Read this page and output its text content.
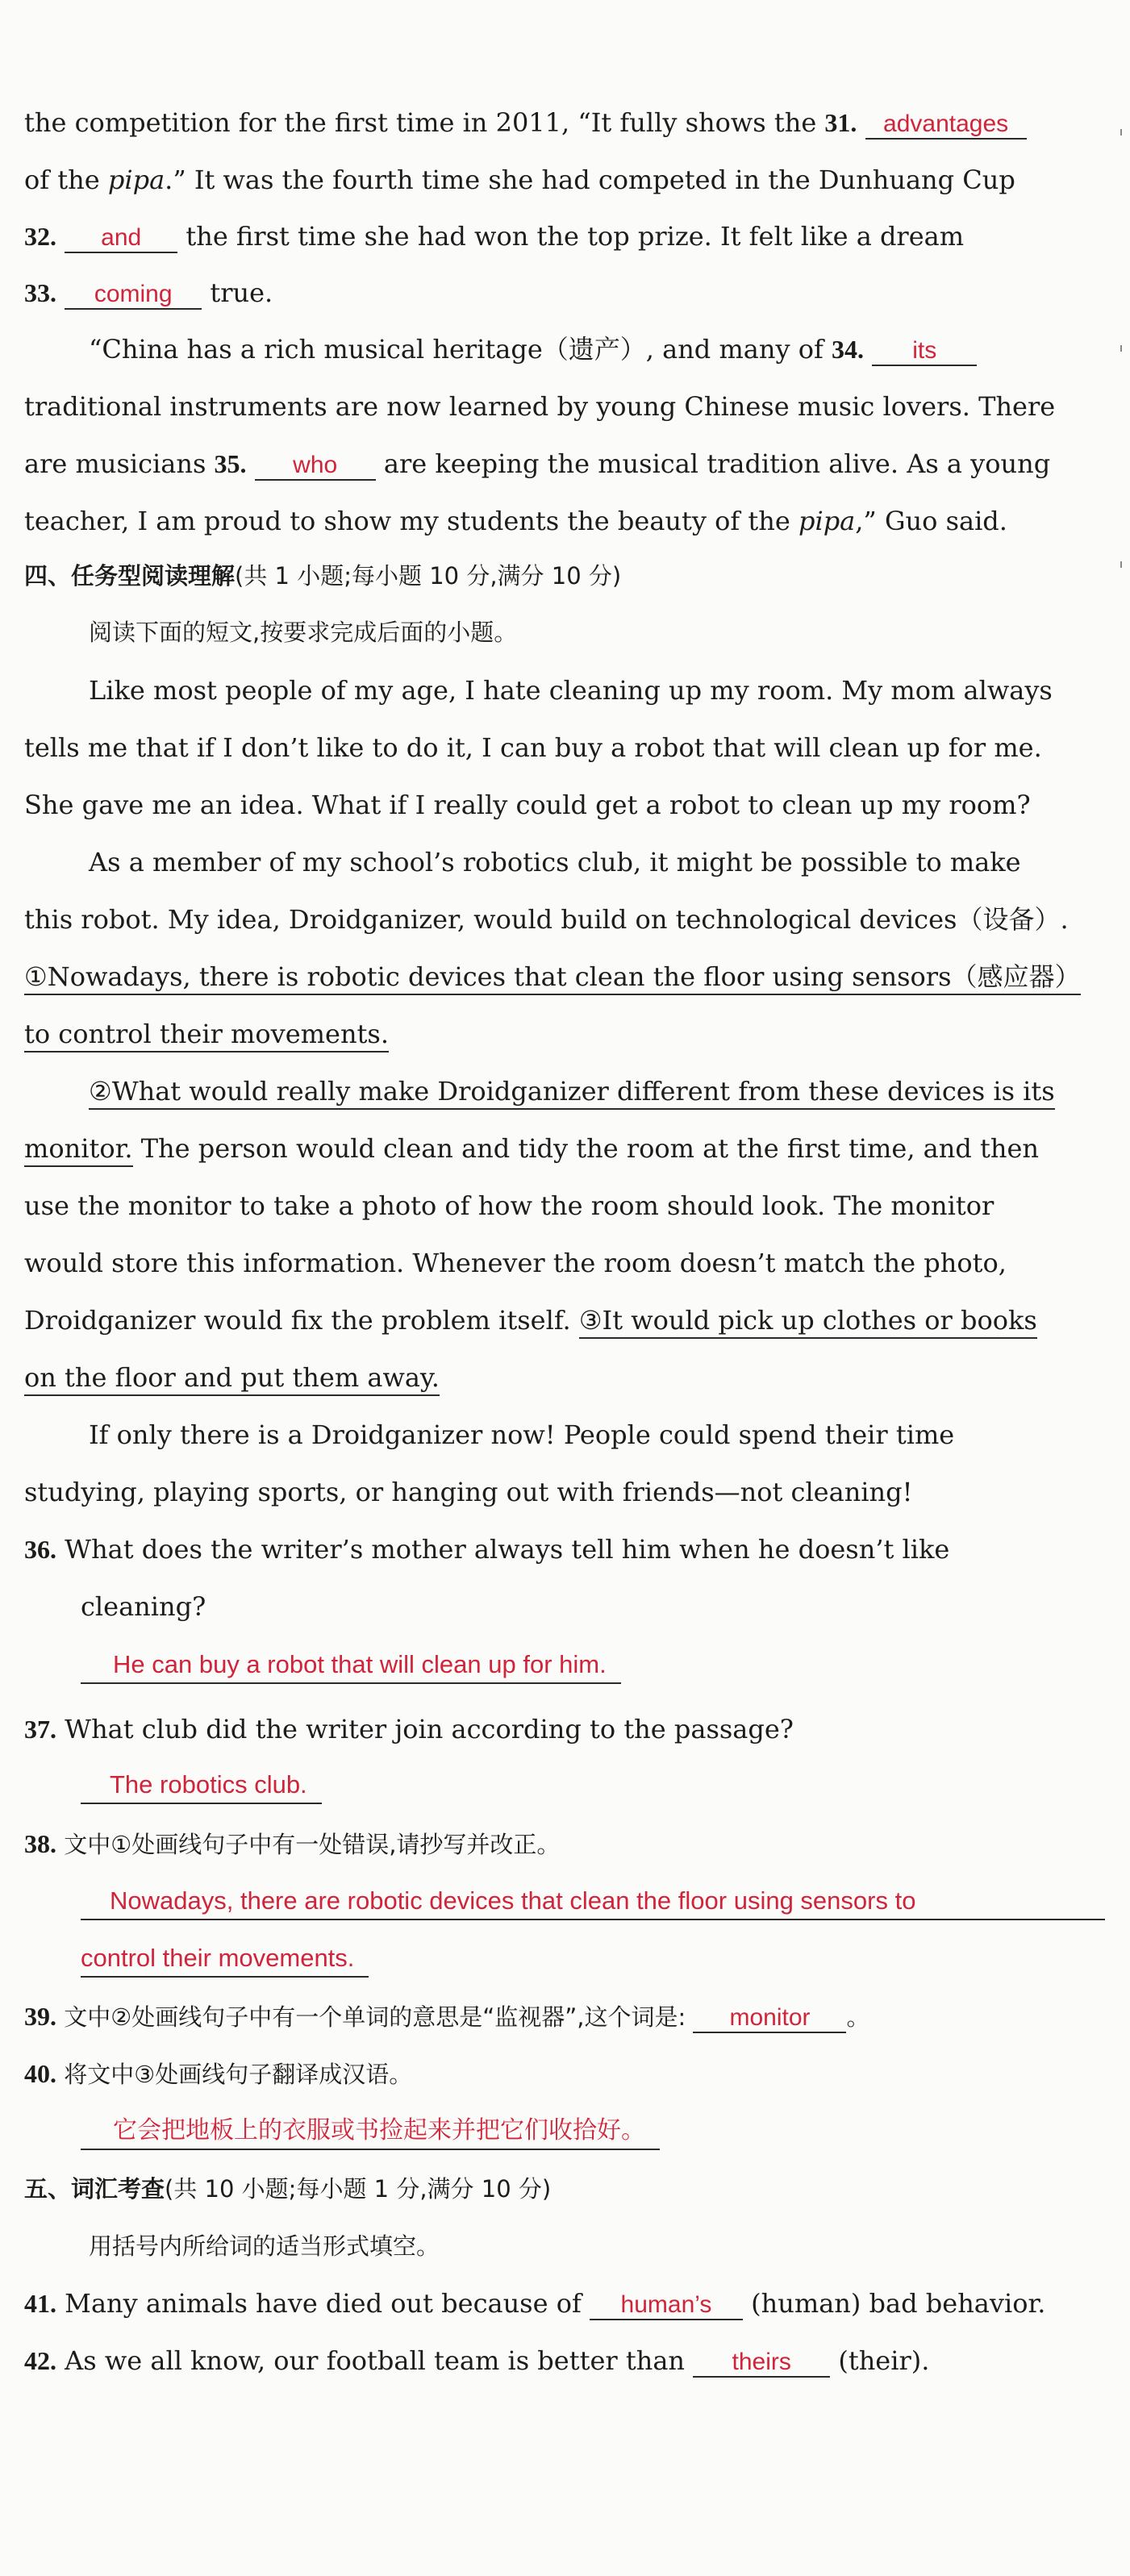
the competition for the first time in 2011, “It fully shows the 31. advantages
of the pipa.” It was the fourth time she had competed in the Dunhuang Cup
32. and the first time she had won the top prize. It felt like a dream
33. coming true.
“China has a rich musical heritage（遗产）, and many of 34. its
traditional instruments are now learned by young Chinese music lovers. There
are musicians 35. who are keeping the musical tradition alive. As a young
teacher, I am proud to show my students the beauty of the pipa,” Guo said.
四、任务型阅读理解(共 1 小题;每小题 10 分,满分 10 分)
阅读下面的短文,按要求完成后面的小题。
Like most people of my age, I hate cleaning up my room. My mom always
tells me that if I don’t like to do it, I can buy a robot that will clean up for me.
She gave me an idea. What if I really could get a robot to clean up my room?
As a member of my school’s robotics club, it might be possible to make
this robot. My idea, Droidganizer, would build on technological devices（设备）.
①Nowadays, there is robotic devices that clean the floor using sensors（感应器）
to control their movements.
②What would really make Droidganizer different from these devices is its
monitor. The person would clean and tidy the room at the first time, and then
use the monitor to take a photo of how the room should look. The monitor
would store this information. Whenever the room doesn’t match the photo,
Droidganizer would fix the problem itself. ③It would pick up clothes or books
on the floor and put them away.
If only there is a Droidganizer now! People could spend their time
studying, playing sports, or hanging out with friends—not cleaning!
36. What does the writer’s mother always tell him when he doesn’t like
cleaning?
He can buy a robot that will clean up for him.
37. What club did the writer join according to the passage?
The robotics club.
38. 文中①处画线句子中有一处错误,请抄写并改正。
Nowadays, there are robotic devices that clean the floor using sensors to
control their movements.
39. 文中②处画线句子中有一个单词的意思是“监视器”,这个词是: monitor 。
40. 将文中③处画线句子翻译成汉语。
它会把地板上的衣服或书捡起来并把它们收拾好。
五、词汇考查(共 10 小题;每小题 1 分,满分 10 分)
用括号内所给词的适当形式填空。
41. Many animals have died out because of human’s (human) bad behavior.
42. As we all know, our football team is better than theirs (their).
